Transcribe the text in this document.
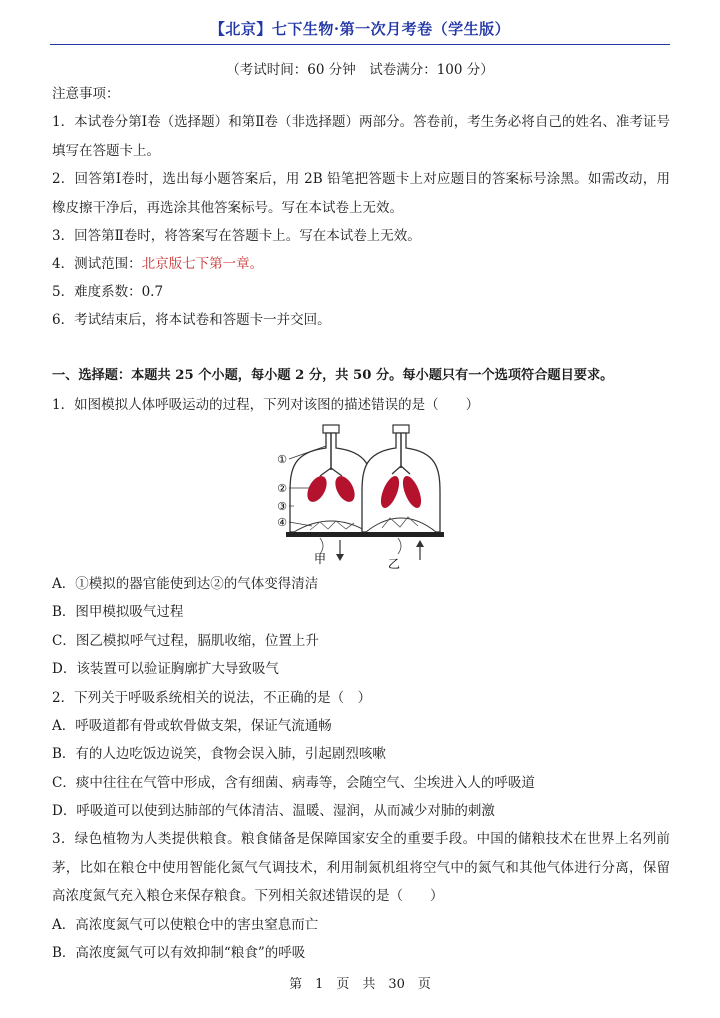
【北京】七下生物·第一次月考卷（学生版）
（考试时间：60 分钟　试卷满分：100 分）
注意事项：
1．本试卷分第Ⅰ卷（选择题）和第Ⅱ卷（非选择题）两部分。答卷前，考生务必将自己的姓名、准考证号填写在答题卡上。
2．回答第Ⅰ卷时，选出每小题答案后，用 2B 铅笔把答题卡上对应题目的答案标号涂黑。如需改动，用橡皮擦干净后，再选涂其他答案标号。写在本试卷上无效。
3．回答第Ⅱ卷时，将答案写在答题卡上。写在本试卷上无效。
4．测试范围：北京版七下第一章。
5．难度系数：0.7
6．考试结束后，将本试卷和答题卡一并交回。
一、选择题：本题共 25 个小题，每小题 2 分，共 50 分。每小题只有一个选项符合题目要求。
1．如图模拟人体呼吸运动的过程，下列对该图的描述错误的是（　　）
①
②
③
④
甲	乙
A．①模拟的器官能使到达②的气体变得清洁
B．图甲模拟吸气过程
C．图乙模拟呼气过程，膈肌收缩，位置上升
D．该装置可以验证胸廓扩大导致吸气
2．下列关于呼吸系统相关的说法，不正确的是（　）
A．呼吸道都有骨或软骨做支架，保证气流通畅
B．有的人边吃饭边说笑，食物会误入肺，引起剧烈咳嗽
C．痰中往往在气管中形成，含有细菌、病毒等，会随空气、尘埃进入人的呼吸道
D．呼吸道可以使到达肺部的气体清洁、温暖、湿润，从而减少对肺的刺激
3．绿色植物为人类提供粮食。粮食储备是保障国家安全的重要手段。中国的储粮技术在世界上名列前茅，比如在粮仓中使用智能化氮气气调技术，利用制氮机组将空气中的氮气和其他气体进行分离，保留高浓度氮气充入粮仓来保存粮食。下列相关叙述错误的是（　　）
A．高浓度氮气可以使粮仓中的害虫窒息而亡
B．高浓度氮气可以有效抑制“粮食”的呼吸
第　1　页　共　30　页
